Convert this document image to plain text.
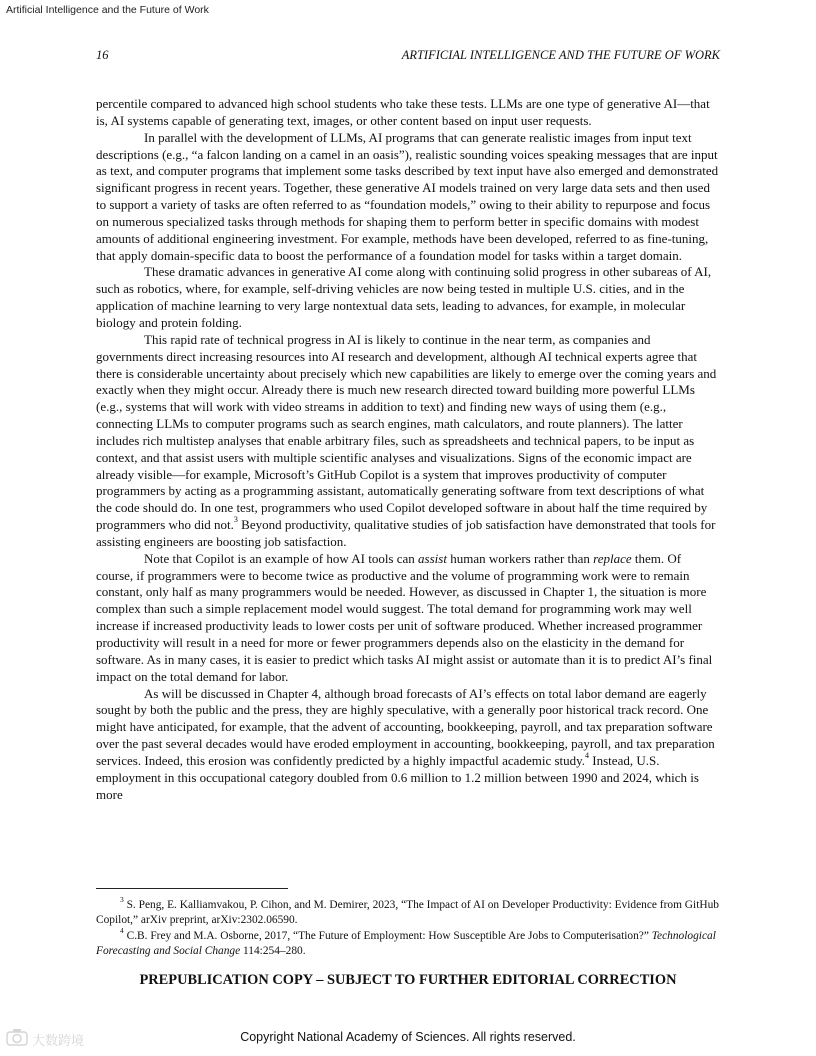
Artificial Intelligence and the Future of Work
16	ARTIFICIAL INTELLIGENCE AND THE FUTURE OF WORK

percentile compared to advanced high school students who take these tests. LLMs are one type of generative AI—that is, AI systems capable of generating text, images, or other content based on input user requests.

In parallel with the development of LLMs, AI programs that can generate realistic images from input text descriptions (e.g., “a falcon landing on a camel in an oasis”), realistic sounding voices speaking messages that are input as text, and computer programs that implement some tasks described by text input have also emerged and demonstrated significant progress in recent years. Together, these generative AI models trained on very large data sets and then used to support a variety of tasks are often referred to as “foundation models,” owing to their ability to repurpose and focus on numerous specialized tasks through methods for shaping them to perform better in specific domains with modest amounts of additional engineering investment. For example, methods have been developed, referred to as fine-tuning, that apply domain-specific data to boost the performance of a foundation model for tasks within a target domain.

These dramatic advances in generative AI come along with continuing solid progress in other subareas of AI, such as robotics, where, for example, self-driving vehicles are now being tested in multiple U.S. cities, and in the application of machine learning to very large nontextual data sets, leading to advances, for example, in molecular biology and protein folding.

This rapid rate of technical progress in AI is likely to continue in the near term, as companies and governments direct increasing resources into AI research and development, although AI technical experts agree that there is considerable uncertainty about precisely which new capabilities are likely to emerge over the coming years and exactly when they might occur. Already there is much new research directed toward building more powerful LLMs (e.g., systems that will work with video streams in addition to text) and finding new ways of using them (e.g., connecting LLMs to computer programs such as search engines, math calculators, and route planners). The latter includes rich multistep analyses that enable arbitrary files, such as spreadsheets and technical papers, to be input as context, and that assist users with multiple scientific analyses and visualizations. Signs of the economic impact are already visible—for example, Microsoft’s GitHub Copilot is a system that improves productivity of computer programmers by acting as a programming assistant, automatically generating software from text descriptions of what the code should do. In one test, programmers who used Copilot developed software in about half the time required by programmers who did not.$^3$ Beyond productivity, qualitative studies of job satisfaction have demonstrated that tools for assisting engineers are boosting job satisfaction.

Note that Copilot is an example of how AI tools can assist human workers rather than replace them. Of course, if programmers were to become twice as productive and the volume of programming work were to remain constant, only half as many programmers would be needed. However, as discussed in Chapter 1, the situation is more complex than such a simple replacement model would suggest. The total demand for programming work may well increase if increased productivity leads to lower costs per unit of software produced. Whether increased programmer productivity will result in a need for more or fewer programmers depends also on the elasticity in the demand for software. As in many cases, it is easier to predict which tasks AI might assist or automate than it is to predict AI’s final impact on the total demand for labor.

As will be discussed in Chapter 4, although broad forecasts of AI’s effects on total labor demand are eagerly sought by both the public and the press, they are highly speculative, with a generally poor historical track record. One might have anticipated, for example, that the advent of accounting, bookkeeping, payroll, and tax preparation software over the past several decades would have eroded employment in accounting, bookkeeping, payroll, and tax preparation services. Indeed, this erosion was confidently predicted by a highly impactful academic study.$^4$ Instead, U.S. employment in this occupational category doubled from 0.6 million to 1.2 million between 1990 and 2024, which is more

$^3$ S. Peng, E. Kalliamvakou, P. Cihon, and M. Demirer, 2023, “The Impact of AI on Developer Productivity: Evidence from GitHub Copilot,” arXiv preprint, arXiv:2302.06590.

$^4$ C.B. Frey and M.A. Osborne, 2017, “The Future of Employment: How Susceptible Are Jobs to Computerisation?” Technological Forecasting and Social Change 114:254–280.

PREPUBLICATION COPY – SUBJECT TO FURTHER EDITORIAL CORRECTION
大数跨境	Copyright National Academy of Sciences. All rights reserved.
